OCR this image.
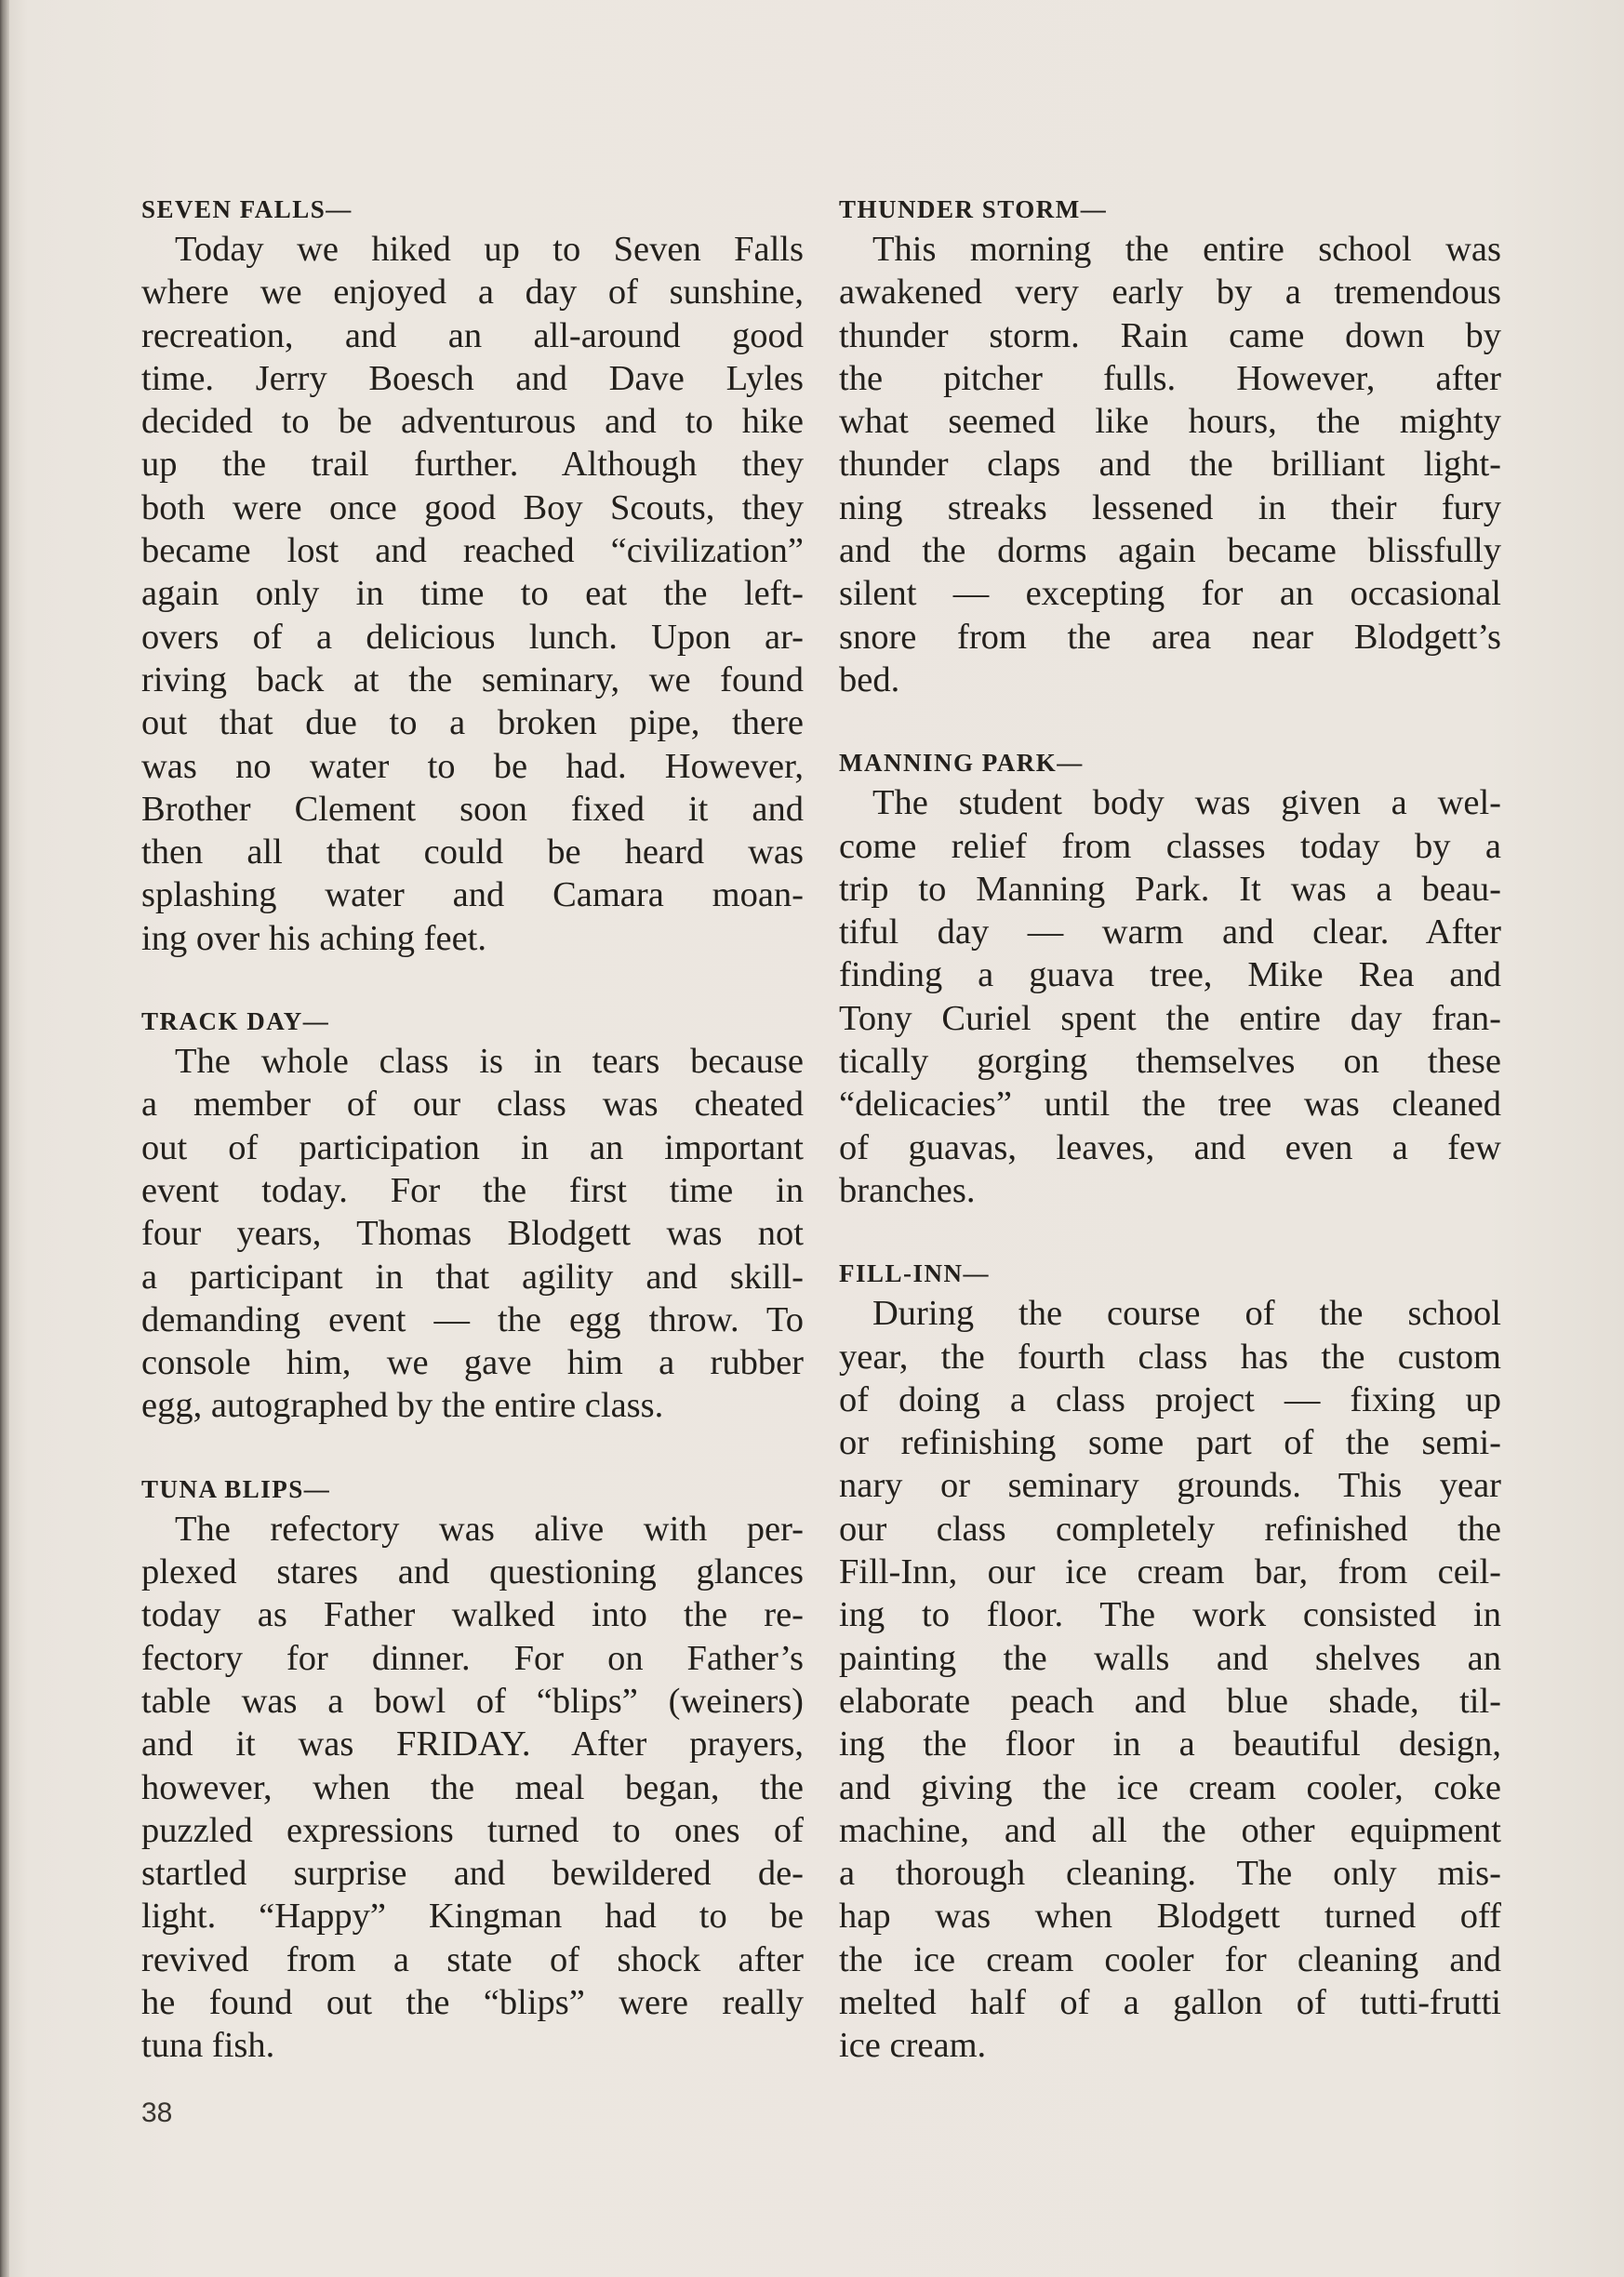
SEVEN FALLS—

Today we hiked up to Seven Falls
where we enjoyed a day of sunshine,
recreation, and an all-around good
time. Jerry Boesch and Dave Lyles
decided to be adventurous and to hike
up the trail further. Although they
both were once good Boy Scouts, they
became lost and reached “civilization”
again only in time to eat the left-
overs of a delicious lunch. Upon ar-
riving back at the seminary, we found
out that due to a broken pipe, there
was no water to be had. However,
Brother Clement soon fixed it and
then all that could be heard was
splashing water and Camara moan-
ing over his aching feet.

TRACK DAY—

The whole class is in tears because
a member of our class was cheated
out of participation in an important
event today. For the first time in
four years, Thomas Blodgett was not
a participant in that agility and skill-
demanding event — the egg throw. To
console him, we gave him a rubber
egg, autographed by the entire class.

TUNA BLIPS—

The refectory was alive with per-
plexed stares and questioning glances
today as Father walked into the re-
fectory for dinner. For on Father’s
table was a bowl of “blips” (weiners)
and it was FRIDAY. After prayers,
however, when the meal began, the
puzzled expressions turned to ones of
startled surprise and bewildered de-
light. “Happy” Kingman had to be
revived from a state of shock after
he found out the “blips” were really
tuna fish.

THUNDER STORM—

This morning the entire school was
awakened very early by a tremendous
thunder storm. Rain came down by
the pitcher fulls. However, after
what seemed like hours, the mighty
thunder claps and the brilliant light-
ning streaks lessened in their fury
and the dorms again became blissfully
silent — excepting for an occasional
snore from the area near Blodgett’s
bed.

MANNING PARK—

The student body was given a wel-
come relief from classes today by a
trip to Manning Park. It was a beau-
tiful day — warm and clear. After
finding a guava tree, Mike Rea and
Tony Curiel spent the entire day fran-
tically gorging themselves on these
“delicacies” until the tree was cleaned
of guavas, leaves, and even a few
branches.

FILL-INN—

During the course of the school
year, the fourth class has the custom
of doing a class project — fixing up
or refinishing some part of the semi-
nary or seminary grounds. This year
our class completely refinished the
Fill-Inn, our ice cream bar, from ceil-
ing to floor. The work consisted in
painting the walls and shelves an
elaborate peach and blue shade, til-
ing the floor in a beautiful design,
and giving the ice cream cooler, coke
machine, and all the other equipment
a thorough cleaning. The only mis-
hap was when Blodgett turned off
the ice cream cooler for cleaning and
melted half of a gallon of tutti-frutti
ice cream.

38
